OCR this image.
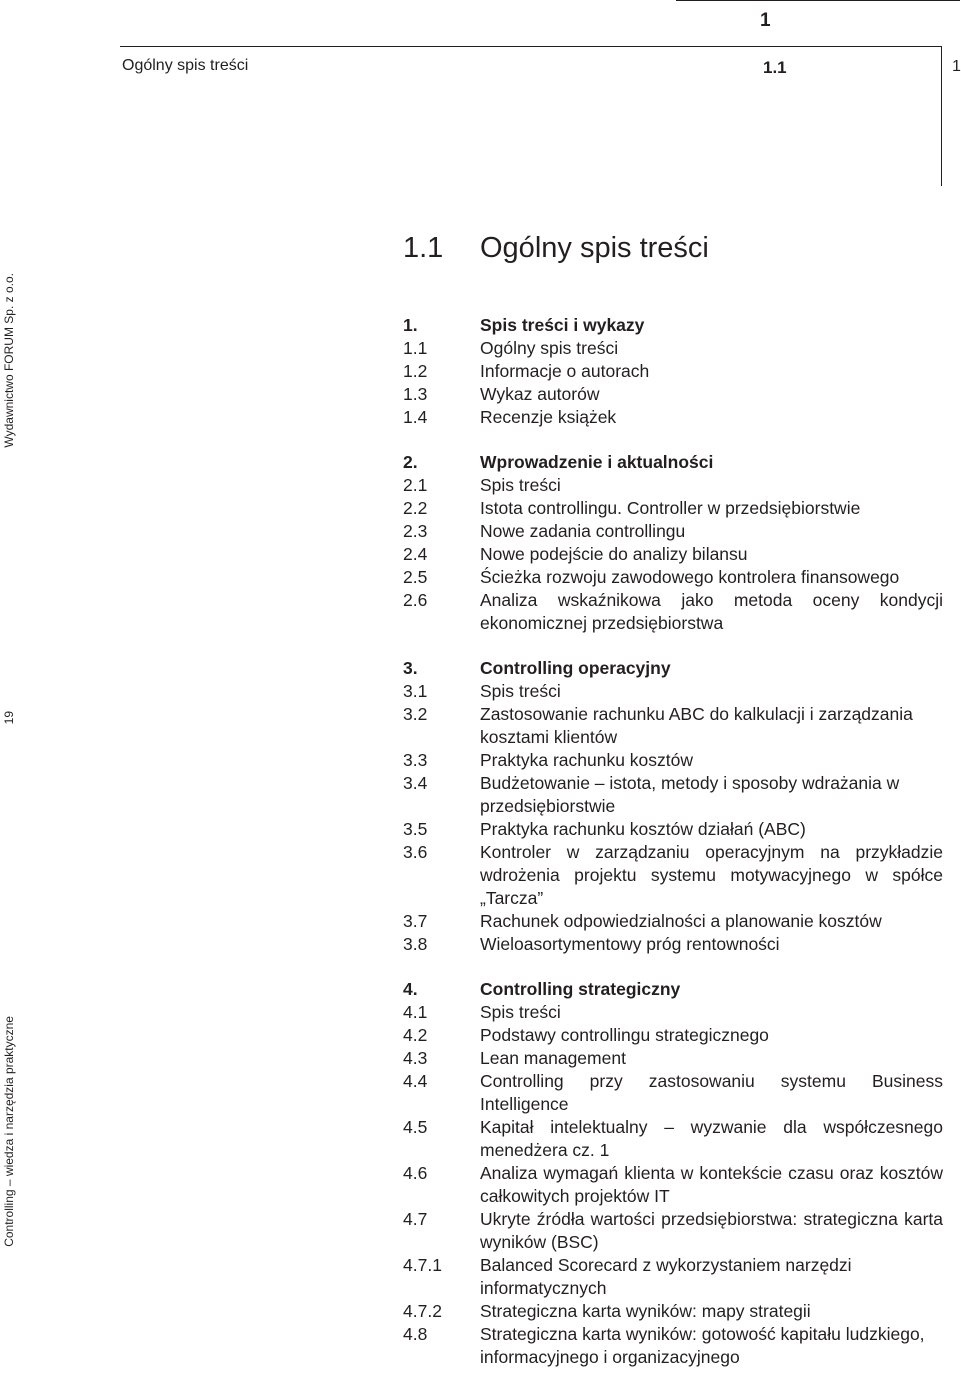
1
Ogólny spis treści	1.1	1
Wydawnictwo FORUM Sp. z o.o.
19
Controlling – wiedza i narzędzia praktyczne
1.1 Ogólny spis treści
1.	Spis treści i wykazy
1.1	Ogólny spis treści
1.2	Informacje o autorach
1.3	Wykaz autorów
1.4	Recenzje książek
2.	Wprowadzenie i aktualności
2.1	Spis treści
2.2	Istota controllingu. Controller w przedsiębiorstwie
2.3	Nowe zadania controllingu
2.4	Nowe podejście do analizy bilansu
2.5	Ścieżka rozwoju zawodowego kontrolera finansowego
2.6	Analiza wskaźnikowa jako metoda oceny kondycji ekonomicznej przedsiębiorstwa
3.	Controlling operacyjny
3.1	Spis treści
3.2	Zastosowanie rachunku ABC do kalkulacji i zarządzania kosztami klientów
3.3	Praktyka rachunku kosztów
3.4	Budżetowanie – istota, metody i sposoby wdrażania w przedsiębiorstwie
3.5	Praktyka rachunku kosztów działań (ABC)
3.6	Kontroler w zarządzaniu operacyjnym na przykładzie wdrożenia projektu systemu motywacyjnego w spółce „Tarcza”
3.7	Rachunek odpowiedzialności a planowanie kosztów
3.8	Wieloasortymentowy próg rentowności
4.	Controlling strategiczny
4.1	Spis treści
4.2	Podstawy controllingu strategicznego
4.3	Lean management
4.4	Controlling przy zastosowaniu systemu Business Intelligence
4.5	Kapitał intelektualny – wyzwanie dla współczesnego menedżera cz. 1
4.6	Analiza wymagań klienta w kontekście czasu oraz kosztów całkowitych projektów IT
4.7	Ukryte źródła wartości przedsiębiorstwa: strategiczna karta wyników (BSC)
4.7.1	Balanced Scorecard z wykorzystaniem narzędzi informatycznych
4.7.2	Strategiczna karta wyników: mapy strategii
4.8	Strategiczna karta wyników: gotowość kapitału ludzkiego, informacyjnego i organizacyjnego
